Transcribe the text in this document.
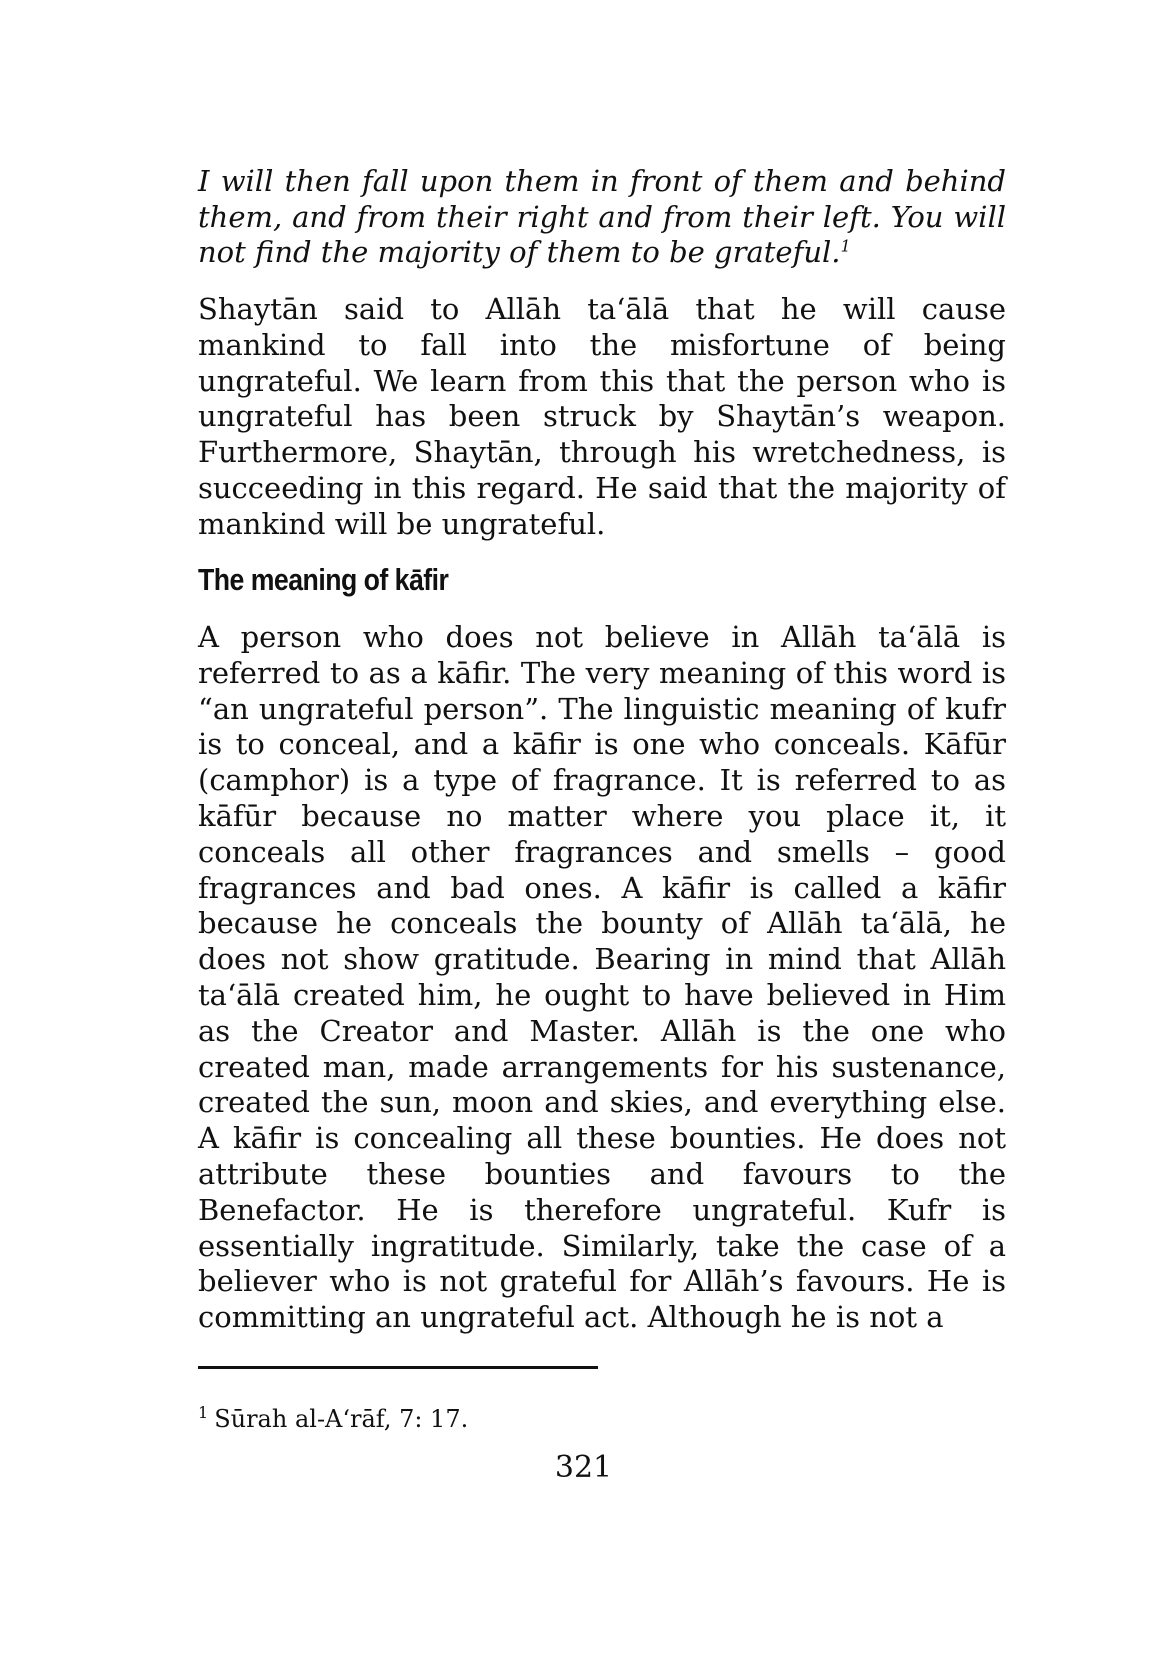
I will then fall upon them in front of them and behind them, and from their right and from their left. You will not find the majority of them to be grateful.$^1$

Shaytān said to Allāh ta‘ālā that he will cause mankind to fall into the misfortune of being ungrateful. We learn from this that the person who is ungrateful has been struck by Shaytān’s weapon. Furthermore, Shaytān, through his wretchedness, is succeeding in this regard. He said that the majority of mankind will be ungrateful.

The meaning of kāfir

A person who does not believe in Allāh ta‘ālā is referred to as a kāfir. The very meaning of this word is “an ungrateful person”. The linguistic meaning of kufr is to conceal, and a kāfir is one who conceals. Kāfūr (camphor) is a type of fragrance. It is referred to as kāfūr because no matter where you place it, it conceals all other fragrances and smells – good fragrances and bad ones. A kāfir is called a kāfir because he conceals the bounty of Allāh ta‘ālā, he does not show gratitude. Bearing in mind that Allāh ta‘ālā created him, he ought to have believed in Him as the Creator and Master. Allāh is the one who created man, made arrangements for his sustenance, created the sun, moon and skies, and everything else. A kāfir is concealing all these bounties. He does not attribute these bounties and favours to the Benefactor. He is therefore ungrateful. Kufr is essentially ingratitude. Similarly, take the case of a believer who is not grateful for Allāh’s favours. He is committing an ungrateful act. Although he is not a

$^1$ Sūrah al-A‘rāf, 7: 17.

321
